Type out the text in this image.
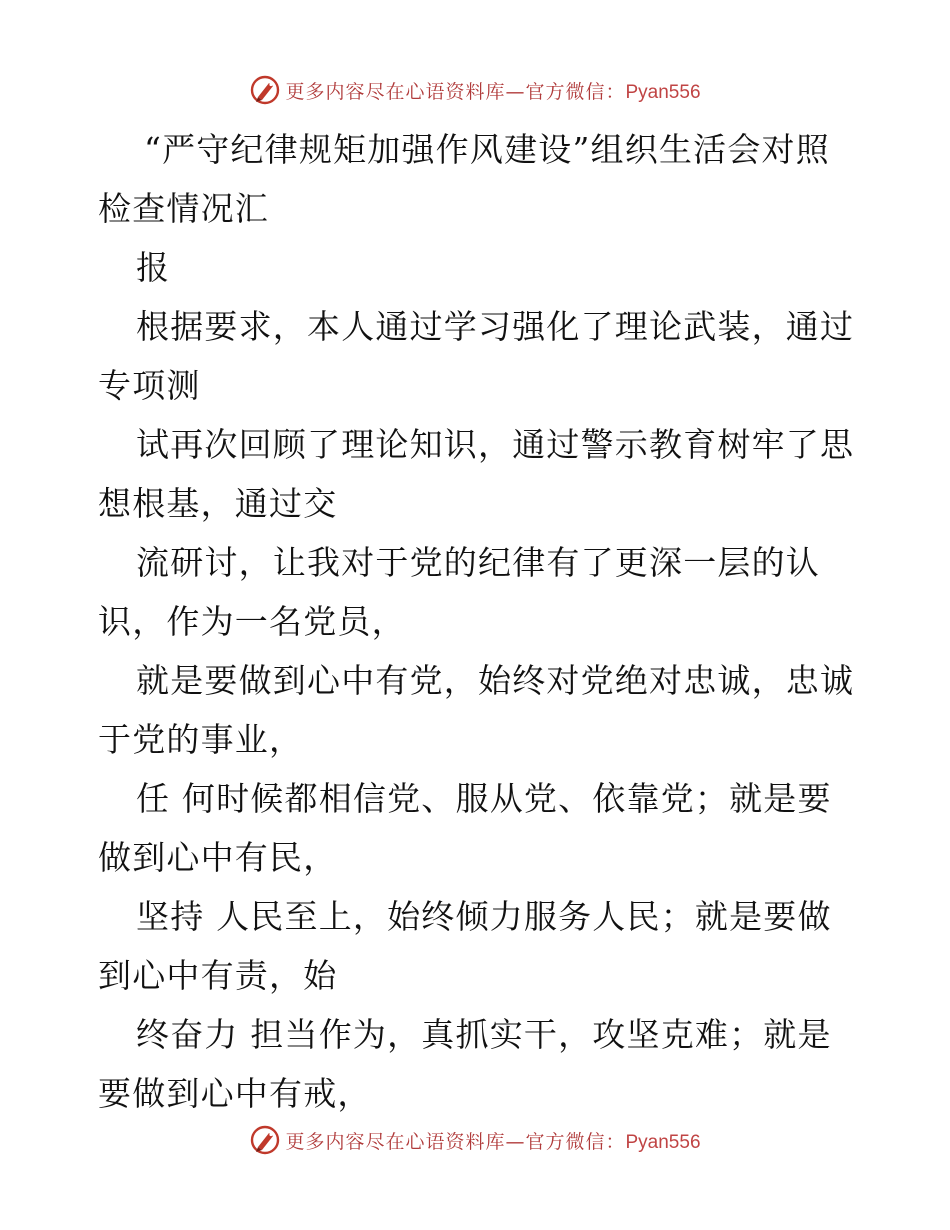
更多内容尽在心语资料库—官方微信：Pyan556
“严守纪律规矩加强作风建设”组织生活会对照
检查情况汇
报
根据要求，本人通过学习强化了理论武装，通过
专项测
试再次回顾了理论知识，通过警示教育树牢了思
想根基，通过交
流研讨，让我对于党的纪律有了更深一层的认
识，作为一名党员，
就是要做到心中有党，始终对党绝对忠诚，忠诚
于党的事业，
任 何时候都相信党、服从党、依靠党；就是要
做到心中有民，
坚持 人民至上，始终倾力服务人民；就是要做
到心中有责，始
终奋力 担当作为，真抓实干，攻坚克难；就是
要做到心中有戒，
更多内容尽在心语资料库—官方微信：Pyan556
